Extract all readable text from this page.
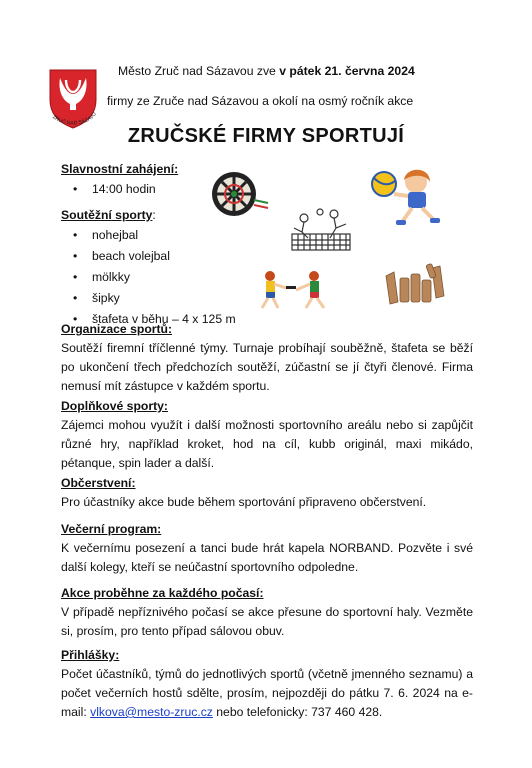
ZRUČ NAD SÁZAVO
Město Zruč nad Sázavou zve v pátek 21. června 2024
firmy ze Zruče nad Sázavou a okolí na osmý ročník akce
ZRUČSKÉ FIRMY SPORTUJÍ
Slavnostní zahájení:
• 14:00 hodin
Soutěžní sporty:
• nohejbal
• beach volejbal
• mölkky
• šipky
• štafeta v běhu – 4 x 125 m
Organizace sportů:
Soutěží firemní tříčlenné týmy. Turnaje probíhají souběžně, štafeta se běží po ukončení třech předchozích soutěží, zúčastní se jí čtyři členové. Firma nemusí mít zástupce v každém sportu.
Doplňkové sporty:
Zájemci mohou využít i další možnosti sportovního areálu nebo si zapůjčit různé hry, například kroket, hod na cíl, kubb originál, maxi mikádo, pétanque, spin lader a další.
Občerstvení:
Pro účastníky akce bude během sportování připraveno občerstvení.
Večerní program:
K večernímu posezení a tanci bude hrát kapela NORBAND. Pozvěte i své další kolegy, kteří se neúčastní sportovního odpoledne.
Akce proběhne za každého počasí:
V případě nepříznivého počasí se akce přesune do sportovní haly. Vezměte si, prosím, pro tento případ sálovou obuv.
Přihlášky:
Počet účastníků, týmů do jednotlivých sportů (včetně jmenného seznamu) a počet večerních hostů sdělte, prosím, nejpozději do pátku 7. 6. 2024 na e-mail: vlkova@mesto-zruc.cz nebo telefonicky: 737 460 428.
